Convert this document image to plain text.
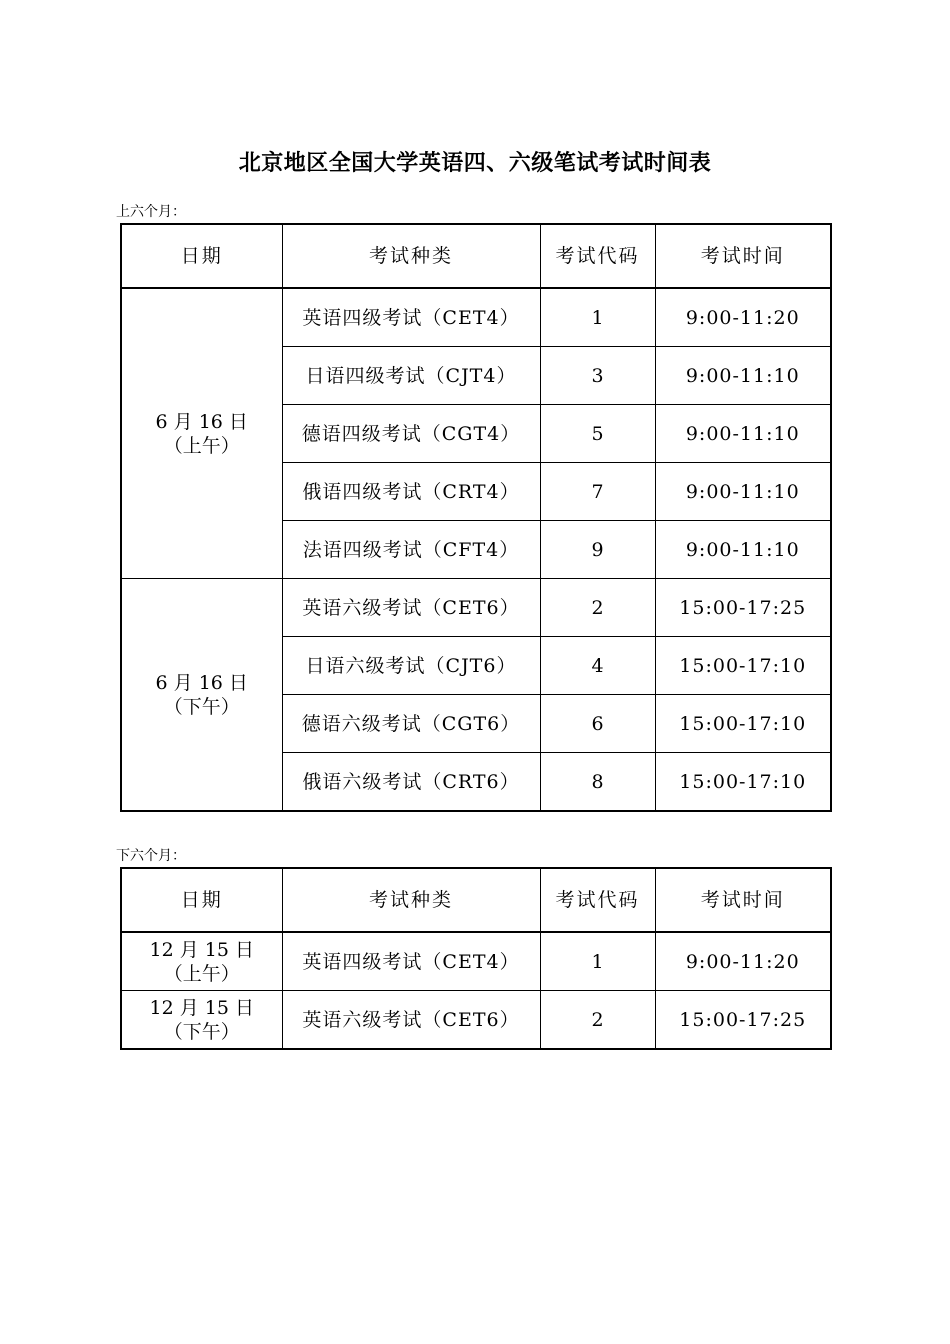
北京地区全国大学英语四、六级笔试考试时间表
上六个月：
日期	考试种类	考试代码	考试时间

6 月 16 日
（上午）	英语四级考试（CET4）	1	9:00-11:20
	日语四级考试（CJT4）	3	9:00-11:10
	德语四级考试（CGT4）	5	9:00-11:10
	俄语四级考试（CRT4）	7	9:00-11:10
	法语四级考试（CFT4）	9	9:00-11:10

6 月 16 日
（下午）	英语六级考试（CET6）	2	15:00-17:25
	日语六级考试（CJT6）	4	15:00-17:10
	德语六级考试（CGT6）	6	15:00-17:10
	俄语六级考试（CRT6）	8	15:00-17:10
下六个月：
日期	考试种类	考试代码	考试时间

12 月 15 日
（上午）	英语四级考试（CET4）	1	9:00-11:20

12 月 15 日
（下午）	英语六级考试（CET6）	2	15:00-17:25
